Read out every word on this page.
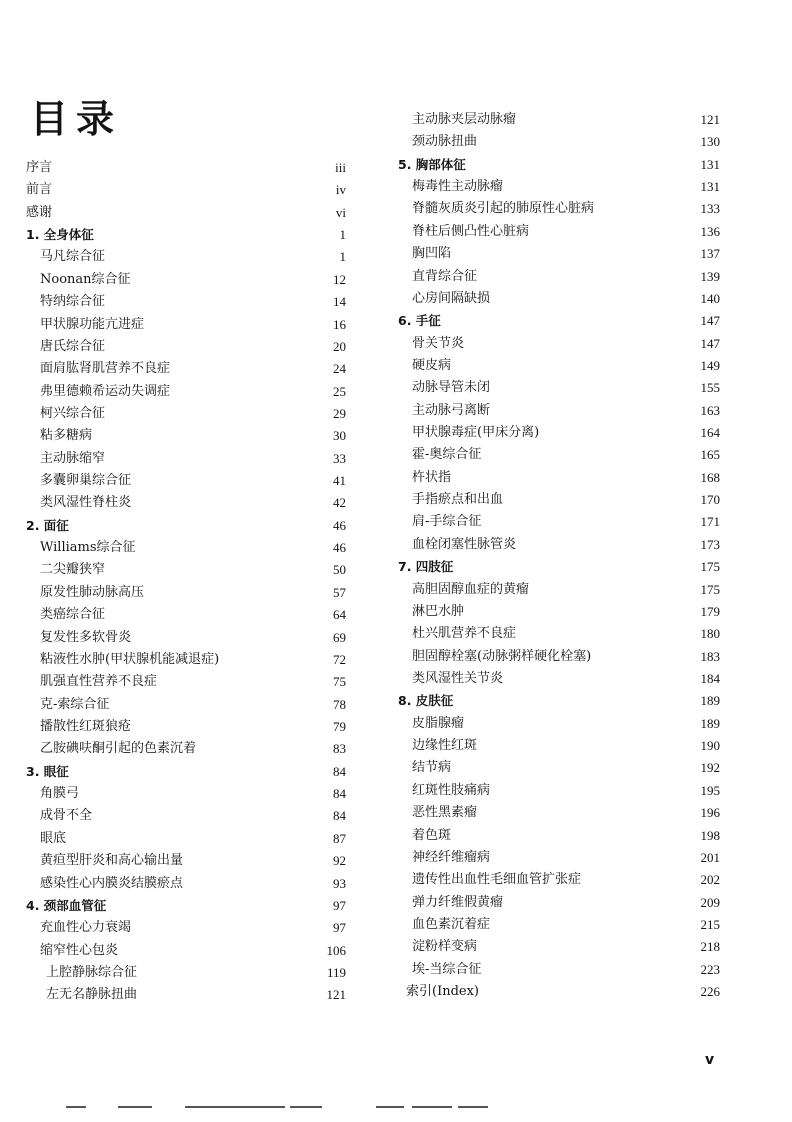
目录
序言	iii
前言	iv
感谢	vi
1. 全身体征	1
马凡综合征	1
Noonan综合征	12
特纳综合征	14
甲状腺功能亢进症	16
唐氏综合征	20
面肩肱肾肌营养不良症	24
弗里德赖希运动失调症	25
柯兴综合征	29
粘多糖病	30
主动脉缩窄	33
多囊卵巢综合征	41
类风湿性脊柱炎	42
2. 面征	46
Williams综合征	46
二尖瓣狭窄	50
原发性肺动脉高压	57
类癌综合征	64
复发性多软骨炎	69
粘液性水肿(甲状腺机能减退症)	72
肌强直性营养不良症	75
克-索综合征	78
播散性红斑狼疮	79
乙胺碘呋酮引起的色素沉着	83
3. 眼征	84
角膜弓	84
成骨不全	84
眼底	87
黄疸型肝炎和高心输出量	92
感染性心内膜炎结膜瘀点	93
4. 颈部血管征	97
充血性心力衰竭	97
缩窄性心包炎	106
上腔静脉综合征	119
左无名静脉扭曲	121
主动脉夹层动脉瘤	121
颈动脉扭曲	130
5. 胸部体征	131
梅毒性主动脉瘤	131
脊髓灰质炎引起的肺原性心脏病	133
脊柱后侧凸性心脏病	136
胸凹陷	137
直背综合征	139
心房间隔缺损	140
6. 手征	147
骨关节炎	147
硬皮病	149
动脉导管未闭	155
主动脉弓离断	163
甲状腺毒症(甲床分离)	164
霍-奥综合征	165
杵状指	168
手指瘀点和出血	170
肩-手综合征	171
血栓闭塞性脉管炎	173
7. 四肢征	175
高胆固醇血症的黄瘤	175
淋巴水肿	179
杜兴肌营养不良症	180
胆固醇栓塞(动脉粥样硬化栓塞)	183
类风湿性关节炎	184
8. 皮肤征	189
皮脂腺瘤	189
边缘性红斑	190
结节病	192
红斑性肢痛病	195
恶性黑素瘤	196
着色斑	198
神经纤维瘤病	201
遗传性出血性毛细血管扩张症	202
弹力纤维假黄瘤	209
血色素沉着症	215
淀粉样变病	218
埃-当综合征	223
索引(Index)	226
v
